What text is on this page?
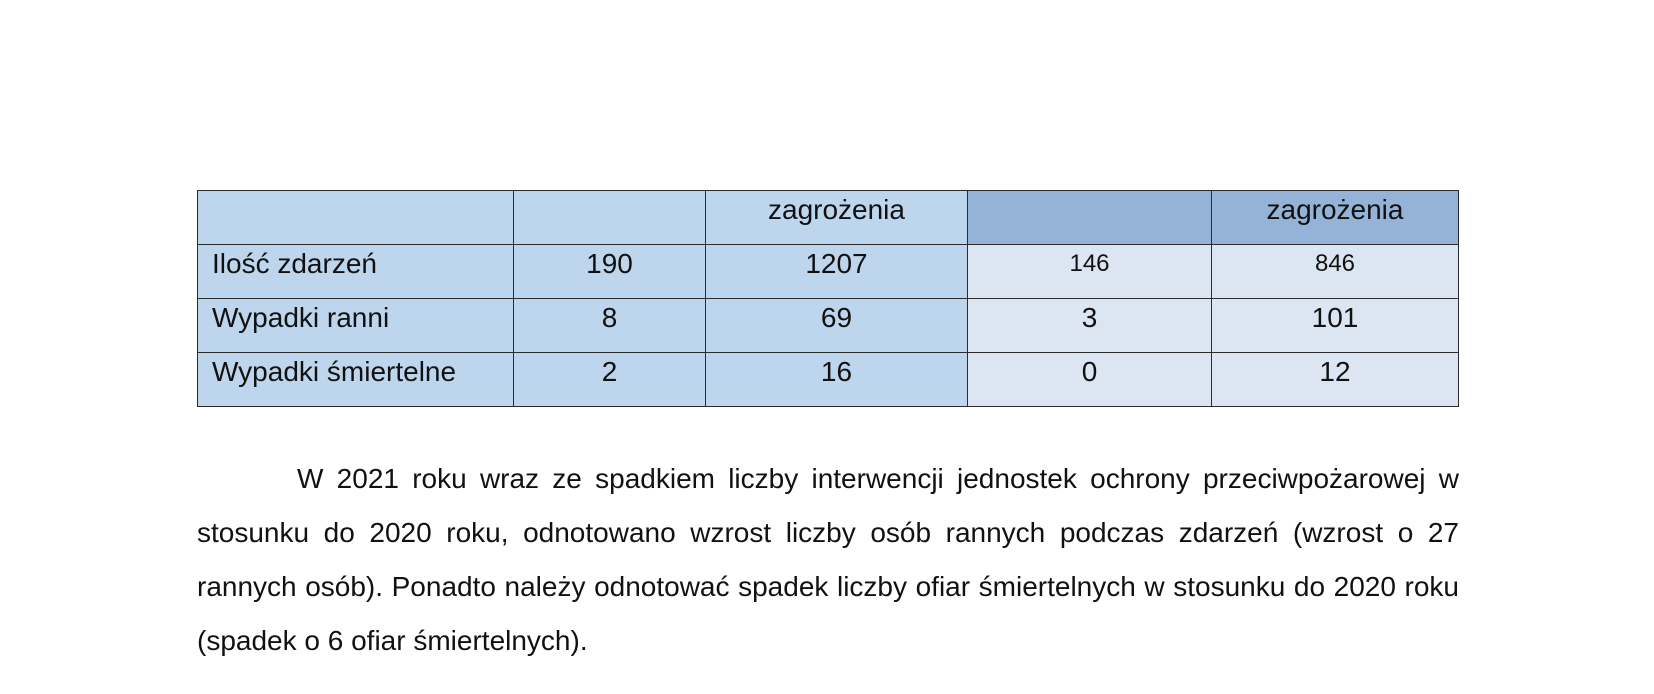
		zagrożenia		zagrożenia
Ilość zdarzeń	190	1207	146	846
Wypadki ranni	8	69	3	101
Wypadki śmiertelne	2	16	0	12

W 2021 roku wraz ze spadkiem liczby interwencji jednostek ochrony przeciwpożarowej w stosunku do 2020 roku, odnotowano wzrost liczby osób rannych podczas zdarzeń (wzrost o 27 rannych osób). Ponadto należy odnotować spadek liczby ofiar śmiertelnych w stosunku do 2020 roku (spadek o 6 ofiar śmiertelnych).
